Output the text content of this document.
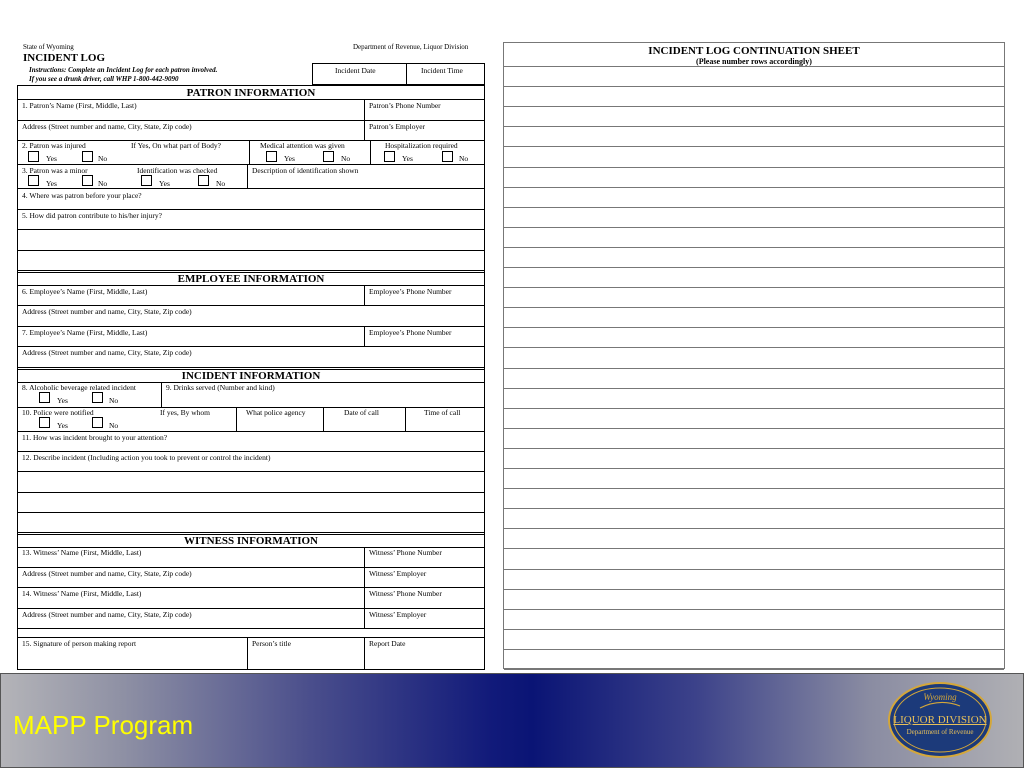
State of Wyoming	Department of Revenue, Liquor Division
INCIDENT LOG
Instructions: Complete an Incident Log for each patron involved.
If you see a drunk driver, call WHP 1-800-442-9090
Incident Date	Incident Time
PATRON INFORMATION
1. Patron’s Name (First, Middle, Last)	Patron’s Phone Number
Address (Street number and name, City, State, Zip code)	Patron’s Employer
2. Patron was injured	If Yes, On what part of Body?	Medical attention was given	Hospitalization required
Yes	No	Yes	No	Yes	No
3. Patron was a minor	Identification was checked	Description of identification shown
Yes	No	Yes	No
4. Where was patron before your place?
5. How did patron contribute to his/her injury?
EMPLOYEE INFORMATION
6. Employee’s Name (First, Middle, Last)	Employee’s Phone Number
Address (Street number and name, City, State, Zip code)
7. Employee’s Name (First, Middle, Last)	Employee’s Phone Number
Address (Street number and name, City, State, Zip code)
INCIDENT INFORMATION
8. Alcoholic beverage related incident	9. Drinks served (Number and kind)
Yes	No
10. Police were notified	If yes, By whom	What police agency	Date of call	Time of call
Yes	No
11. How was incident brought to your attention?
12. Describe incident (Including action you took to prevent or control the incident)
WITNESS INFORMATION
13. Witness’ Name (First, Middle, Last)	Witness’ Phone Number
Address (Street number and name, City, State, Zip code)	Witness’ Employer
14. Witness’ Name (First, Middle, Last)	Witness’ Phone Number
Address (Street number and name, City, State, Zip code)	Witness’ Employer
15. Signature of person making report	Person’s title	Report Date
INCIDENT LOG CONTINUATION SHEET
(Please number rows accordingly)
MAPP Program
Wyoming
LIQUOR DIVISION
Department of Revenue
